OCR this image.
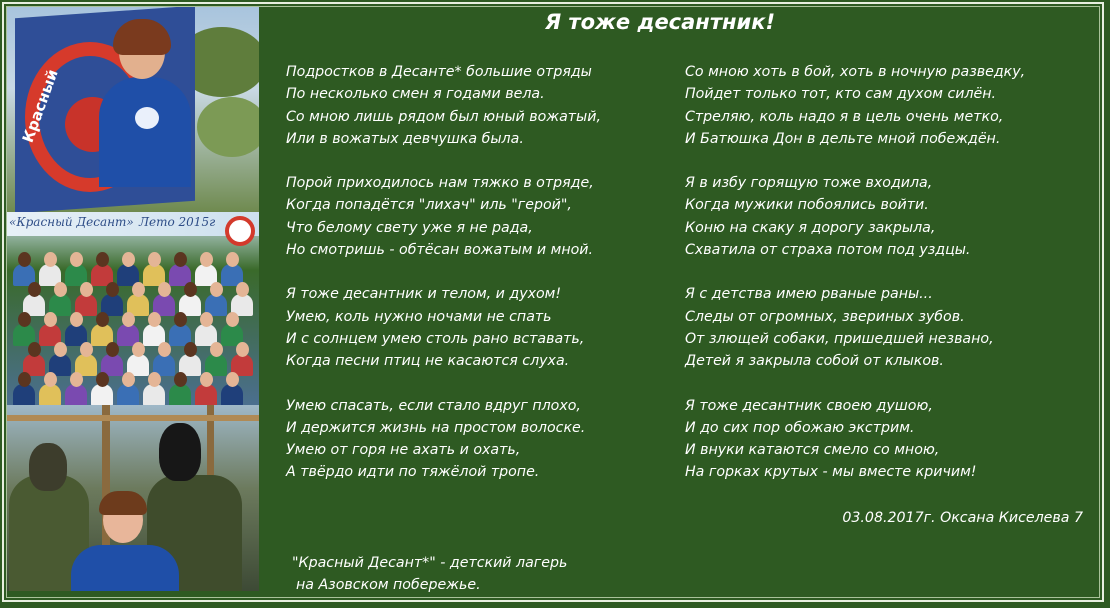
Красный
«Красный Десант» Лето 2015г
Я тоже десантник!
Подростков в Десанте* большие отряды
По несколько смен я годами вела.
Со мною лишь рядом был юный вожатый,
Или в вожатых девчушка была.
Порой приходилось нам тяжко в отряде,
Когда попадётся "лихач" иль "герой",
Что белому свету уже я не рада,
Но смотришь - обтёсан вожатым и мной.
Я тоже десантник и телом, и духом!
Умею, коль нужно ночами не спать
И с солнцем умею столь рано вставать,
Когда песни птиц не касаются слуха.
Умею спасать, если стало вдруг плохо,
И держится жизнь на простом волоске.
Умею от горя не ахать и охать,
А твёрдо идти по тяжёлой тропе.
Со мною хоть в бой, хоть в ночную разведку,
Пойдет только тот, кто сам духом силён.
Стреляю, коль надо я в цель очень метко,
И Батюшка Дон в дельте мной побеждён.
Я в избу горящую тоже входила,
Когда мужики побоялись войти.
Коню на скаку я дорогу закрыла,
Схватила от страха потом под уздцы.
Я с детства имею рваные раны...
Следы от огромных, звериных зубов.
От злющей собаки, пришедшей незвано,
Детей я закрыла собой от клыков.
Я тоже десантник своею душою,
И до сих пор обожаю экстрим.
И внуки катаются смело со мною,
На горках крутых - мы вместе кричим!
03.08.2017г. Оксана Киселева 7
"Красный Десант*" - детский лагерь
на Азовском побережье.
